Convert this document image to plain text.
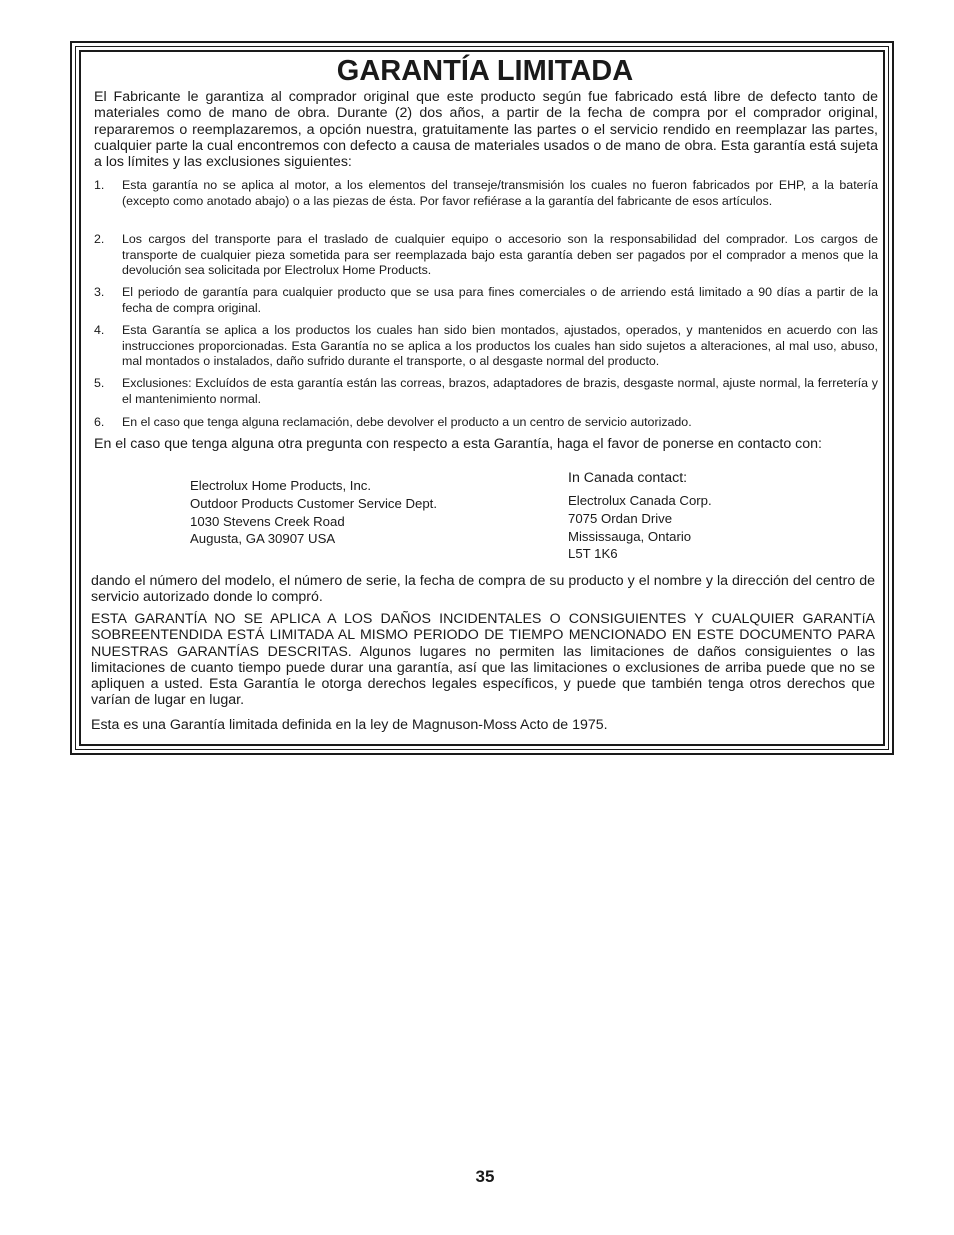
GARANTÍA LIMITADA
El Fabricante le garantiza al comprador original que este producto según fue fabricado está libre de defecto tanto de materiales como de mano de obra. Durante (2) dos años, a partir de la fecha de compra por el comprador original, repararemos o reemplazaremos, a opción nuestra, gratuitamente las partes o el servicio rendido en reemplazar las partes, cualquier parte la cual encontremos con defecto a causa de materiales usados o de mano de obra. Esta garantía está sujeta a los límites y las exclusiones siguientes:
1. Esta garantía no se aplica al motor, a los elementos del transeje/transmisión los cuales no fueron fabricados por EHP, a la batería (excepto como anotado abajo) o a las piezas de ésta. Por favor refiérase a la garantía del fabricante de esos artículos.
2. Los cargos del transporte para el traslado de cualquier equipo o accesorio son la responsabilidad del comprador. Los cargos de transporte de cualquier pieza sometida para ser reemplazada bajo esta garantía deben ser pagados por el comprador a menos que la devolución sea solicitada por Electrolux Home Products.
3. El periodo de garantía para cualquier producto que se usa para fines comerciales o de arriendo está limitado a 90 días a partir de la fecha de compra original.
4. Esta Garantía se aplica a los productos los cuales han sido bien montados, ajustados, operados, y mantenidos en acuerdo con las instrucciones proporcionadas. Esta Garantía no se aplica a los productos los cuales han sido sujetos a alteraciones, al mal uso, abuso, mal montados o instalados, daño sufrido durante el transporte, o al desgaste normal del producto.
5. Exclusiones: Excluídos de esta garantía están las correas, brazos, adaptadores de brazis, desgaste normal, ajuste normal, la ferretería y el mantenimiento normal.
6. En el caso que tenga alguna reclamación, debe devolver el producto a un centro de servicio autorizado.
En el caso que tenga alguna otra pregunta con respecto a esta Garantía, haga el favor de ponerse en contacto con:
Electrolux Home Products, Inc.
Outdoor Products Customer Service Dept.
1030 Stevens Creek Road
Augusta, GA 30907 USA
In Canada contact:
Electrolux Canada Corp.
7075 Ordan Drive
Mississauga, Ontario
L5T 1K6
dando el número del modelo, el número de serie, la fecha de compra de su producto y el nombre y la dirección del centro de servicio autorizado donde lo compró.
ESTA GARANTÍA NO SE APLICA A LOS DAÑOS INCIDENTALES O CONSIGUIENTES Y CUALQUIER GARANTíA SOBREENTENDIDA ESTÁ LIMITADA AL MISMO PERIODO DE TIEMPO MENCIONADO EN ESTE DOCUMENTO PARA NUESTRAS GARANTÍAS DESCRITAS. Algunos lugares no permiten las limitaciones de daños consiguientes o las limitaciones de cuanto tiempo puede durar una garantía, así que las limitaciones o exclusiones de arriba puede que no se apliquen a usted. Esta Garantía le otorga derechos legales específicos, y puede que también tenga otros derechos que varían de lugar en lugar.
Esta es una Garantía limitada definida en la ley de Magnuson-Moss Acto de 1975.
35
